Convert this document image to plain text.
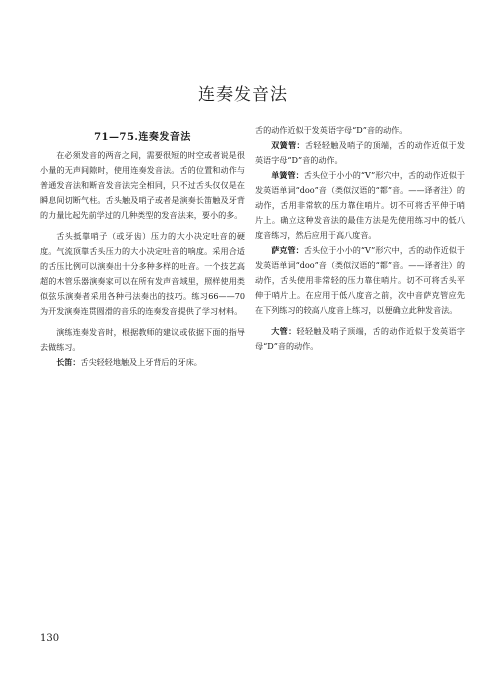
连奏发音法

71—75.连奏发音法

在必须发音的两音之间，需要很短的时空或者说是很小量的无声间隙时，使用连奏发音法。舌的位置和动作与普通发音法和断音发音法完全相同，只不过舌头仅仅是在瞬息间切断气柱。舌头触及哨子或者是演奏长笛触及牙背的力量比起先前学过的几种类型的发音法来，要小的多。

舌头抵靠哨子（或牙齿）压力的大小决定吐音的硬度。气流顶靠舌头压力的大小决定吐音的响度。采用合适的舌压比例可以演奏出十分多种多样的吐音。一个技艺高超的木管乐器演奏家可以在所有发声音域里，照样使用类似弦乐演奏者采用各种弓法奏出的技巧。练习66——70为开发演奏连贯圆滑的音乐的连奏发音提供了学习材料。

演练连奏发音时，根据教师的建议或依据下面的指导去做练习。

长笛：舌尖轻轻地触及上牙背后的牙床。

舌的动作近似于发英语字母“D”音的动作。

双簧管：舌轻轻触及哨子的顶端，舌的动作近似于发英语字母“D”音的动作。

单簧管：舌头位于小小的“V”形穴中，舌的动作近似于发英语单词“doo”音（类似汉语的“都”音。——译者注）的动作，舌用非常软的压力靠住哨片。切不可将舌平伸于哨片上。确立这种发音法的最佳方法是先使用练习中的低八度音练习，然后应用于高八度音。

萨克管：舌头位于小小的“V”形穴中，舌的动作近似于发英语单词“doo”音（类似汉语的“都”音。——译者注）的动作，舌头使用非常轻的压力靠住哨片。切不可将舌头平伸于哨片上。在应用于低八度音之前，次中音萨克管应先在下列练习的较高八度音上练习，以便确立此种发音法。

大管：轻轻触及哨子顶端，舌的动作近似于发英语字母“D”音的动作。

130
